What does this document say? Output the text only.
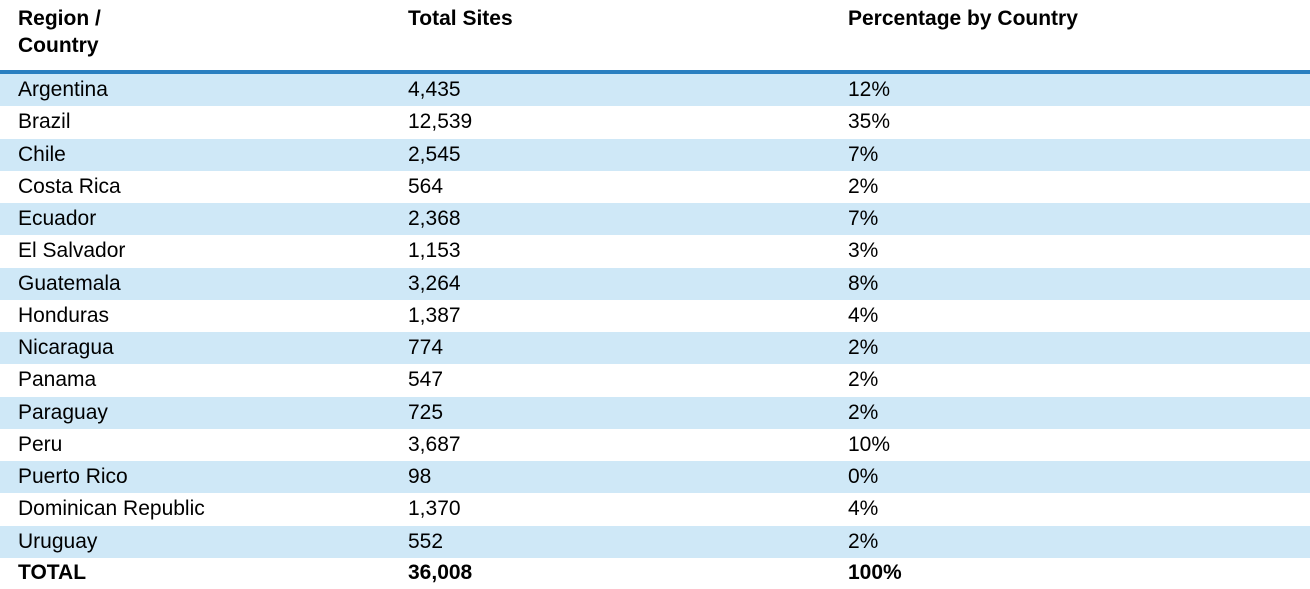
Region /
Country	Total Sites	Percentage by Country
Argentina	4,435	12%
Brazil	12,539	35%
Chile	2,545	7%
Costa Rica	564	2%
Ecuador	2,368	7%
El Salvador	1,153	3%
Guatemala	3,264	8%
Honduras	1,387	4%
Nicaragua	774	2%
Panama	547	2%
Paraguay	725	2%
Peru	3,687	10%
Puerto Rico	98	0%
Dominican Republic	1,370	4%
Uruguay	552	2%
TOTAL	36,008	100%
